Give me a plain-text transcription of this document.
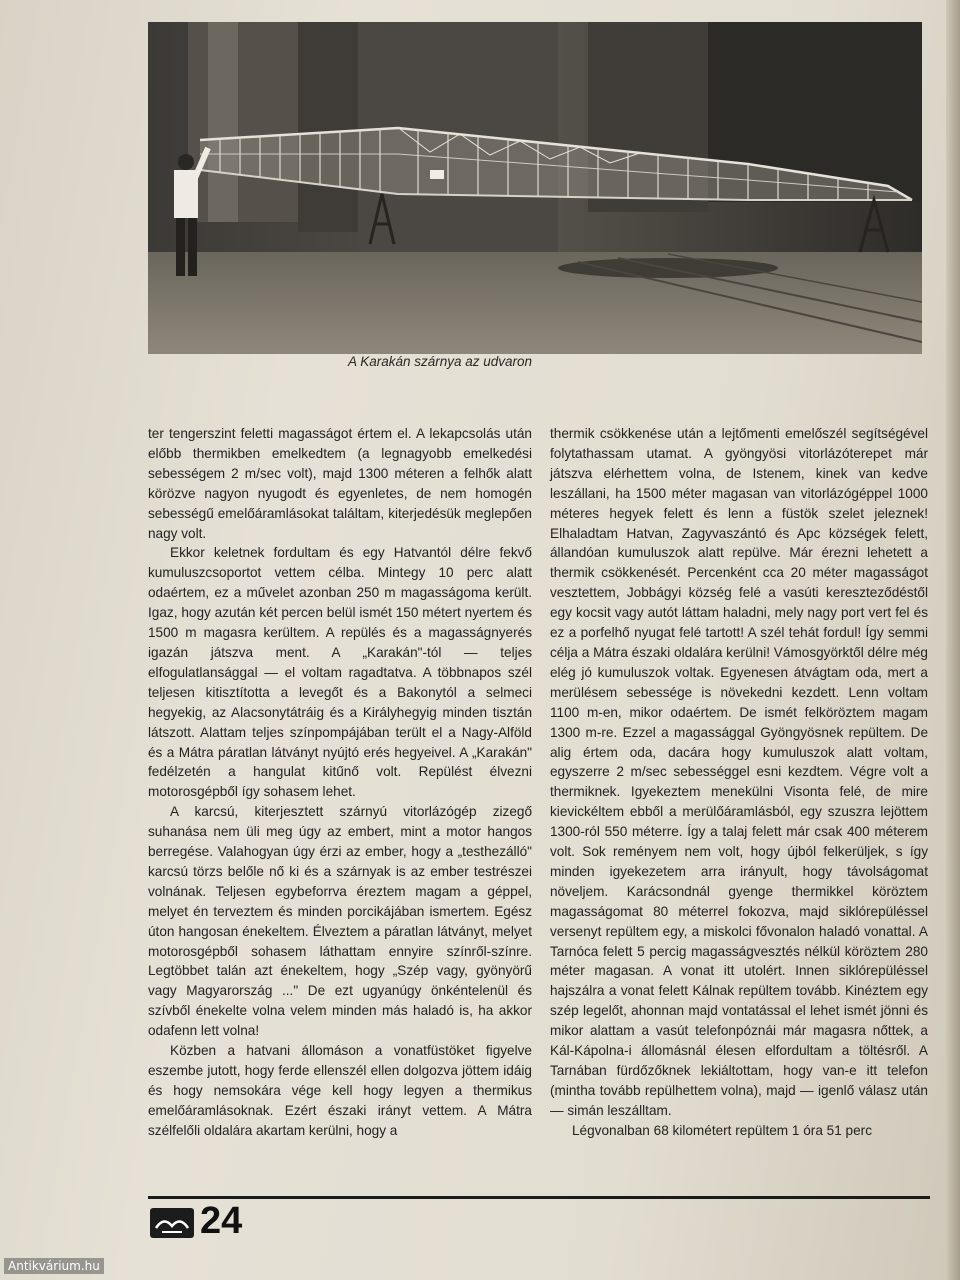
A Karakán szárnya az udvaron

ter tengerszint feletti magasságot értem el. A lekapcsolás után előbb thermikben emelkedtem (a legnagyobb emelkedési sebességem 2 m/sec volt), majd 1300 méteren a felhők alatt körözve nagyon nyugodt és egyenletes, de nem homogén sebességű emelőáramlásokat találtam, kiterjedésük meglepően nagy volt.

Ekkor keletnek fordultam és egy Hatvantól délre fekvő kumuluszcsoportot vettem célba. Mintegy 10 perc alatt odaértem, ez a művelet azonban 250 m magasságoma került. Igaz, hogy azután két percen belül ismét 150 métert nyertem és 1500 m magasra kerültem. A repülés és a magasságnyerés igazán játszva ment. A „Karakán"-tól — teljes elfogulatlansággal — el voltam ragadtatva. A többnapos szél teljesen kitisztította a levegőt és a Bakonytól a selmeci hegyekig, az Alacsonytátráig és a Királyhegyig minden tisztán látszott. Alattam teljes színpompájában terült el a Nagy-Alföld és a Mátra páratlan látványt nyújtó erés hegyeivel. A „Karakán" fedélzetén a hangulat kitűnő volt. Repülést élvezni motorosgépből így sohasem lehet.

A karcsú, kiterjesztett szárnyú vitorlázógép zizegő suhanása nem üli meg úgy az embert, mint a motor hangos berregése. Valahogyan úgy érzi az ember, hogy a „testhezálló" karcsú törzs belőle nő ki és a szárnyak is az ember testrészei volnának. Teljesen egybeforrva éreztem magam a géppel, melyet én terveztem és minden porcikájában ismertem. Egész úton hangosan énekeltem. Élveztem a páratlan látványt, melyet motorosgépből sohasem láthattam ennyire színről-színre. Legtöbbet talán azt énekeltem, hogy „Szép vagy, gyönyörű vagy Magyarország ..." De ezt ugyanúgy önkéntelenül és szívből énekelte volna velem minden más haladó is, ha akkor odafenn lett volna!

Közben a hatvani állomáson a vonatfüstöket figyelve eszembe jutott, hogy ferde ellenszél ellen dolgozva jöttem idáig és hogy nemsokára vége kell hogy legyen a thermikus emelőáramlásoknak. Ezért északi irányt vettem. A Mátra szélfelőli oldalára akartam kerülni, hogy a

thermik csökkenése után a lejtőmenti emelőszél segítségével folytathassam utamat. A gyöngyösi vitorlázóterepet már játszva elérhettem volna, de Istenem, kinek van kedve leszállani, ha 1500 méter magasan van vitorlázógéppel 1000 méteres hegyek felett és lenn a füstök szelet jeleznek! Elhaladtam Hatvan, Zagyvaszántó és Apc községek felett, állandóan kumuluszok alatt repülve. Már érezni lehetett a thermik csökkenését. Percenként cca 20 méter magasságot vesztettem, Jobbágyi község felé a vasúti kereszteződéstől egy kocsit vagy autót láttam haladni, mely nagy port vert fel és ez a porfelhő nyugat felé tartott! A szél tehát fordul! Így semmi célja a Mátra északi oldalára kerülni! Vámosgyörktől délre még elég jó kumuluszok voltak. Egyenesen átvágtam oda, mert a merülésem sebessége is növekedni kezdett. Lenn voltam 1100 m-en, mikor odaértem. De ismét felköröztem magam 1300 m-re. Ezzel a magassággal Gyöngyösnek repültem. De alig értem oda, dacára hogy kumuluszok alatt voltam, egyszerre 2 m/sec sebességgel esni kezdtem. Végre volt a thermiknek. Igyekeztem menekülni Visonta felé, de mire kievickéltem ebből a merülőáramlásból, egy szuszra lejöttem 1300-ról 550 méterre. Így a talaj felett már csak 400 méterem volt. Sok reményem nem volt, hogy újból felkerüljek, s így minden igyekezetem arra irányult, hogy távolságomat növeljem. Karácsondnál gyenge thermikkel köröztem magasságomat 80 méterrel fokozva, majd siklórepüléssel versenyt repültem egy, a miskolci fővonalon haladó vonattal. A Tarnóca felett 5 percig magasságvesztés nélkül köröztem 280 méter magasan. A vonat itt utolért. Innen siklórepüléssel hajszálra a vonat felett Kálnak repültem tovább. Kinéztem egy szép legelőt, ahonnan majd vontatással el lehet ismét jönni és mikor alattam a vasút telefonpóznái már magasra nőttek, a Kál-Kápolna-i állomásnál élesen elfordultam a töltésről. A Tarnában fürdőzőknek lekiáltottam, hogy van-e itt telefon (mintha tovább repülhettem volna), majd — igenlő válasz után — simán leszálltam.

Légvonalban 68 kilométert repültem 1 óra 51 perc

24
Antikvárium.hu
